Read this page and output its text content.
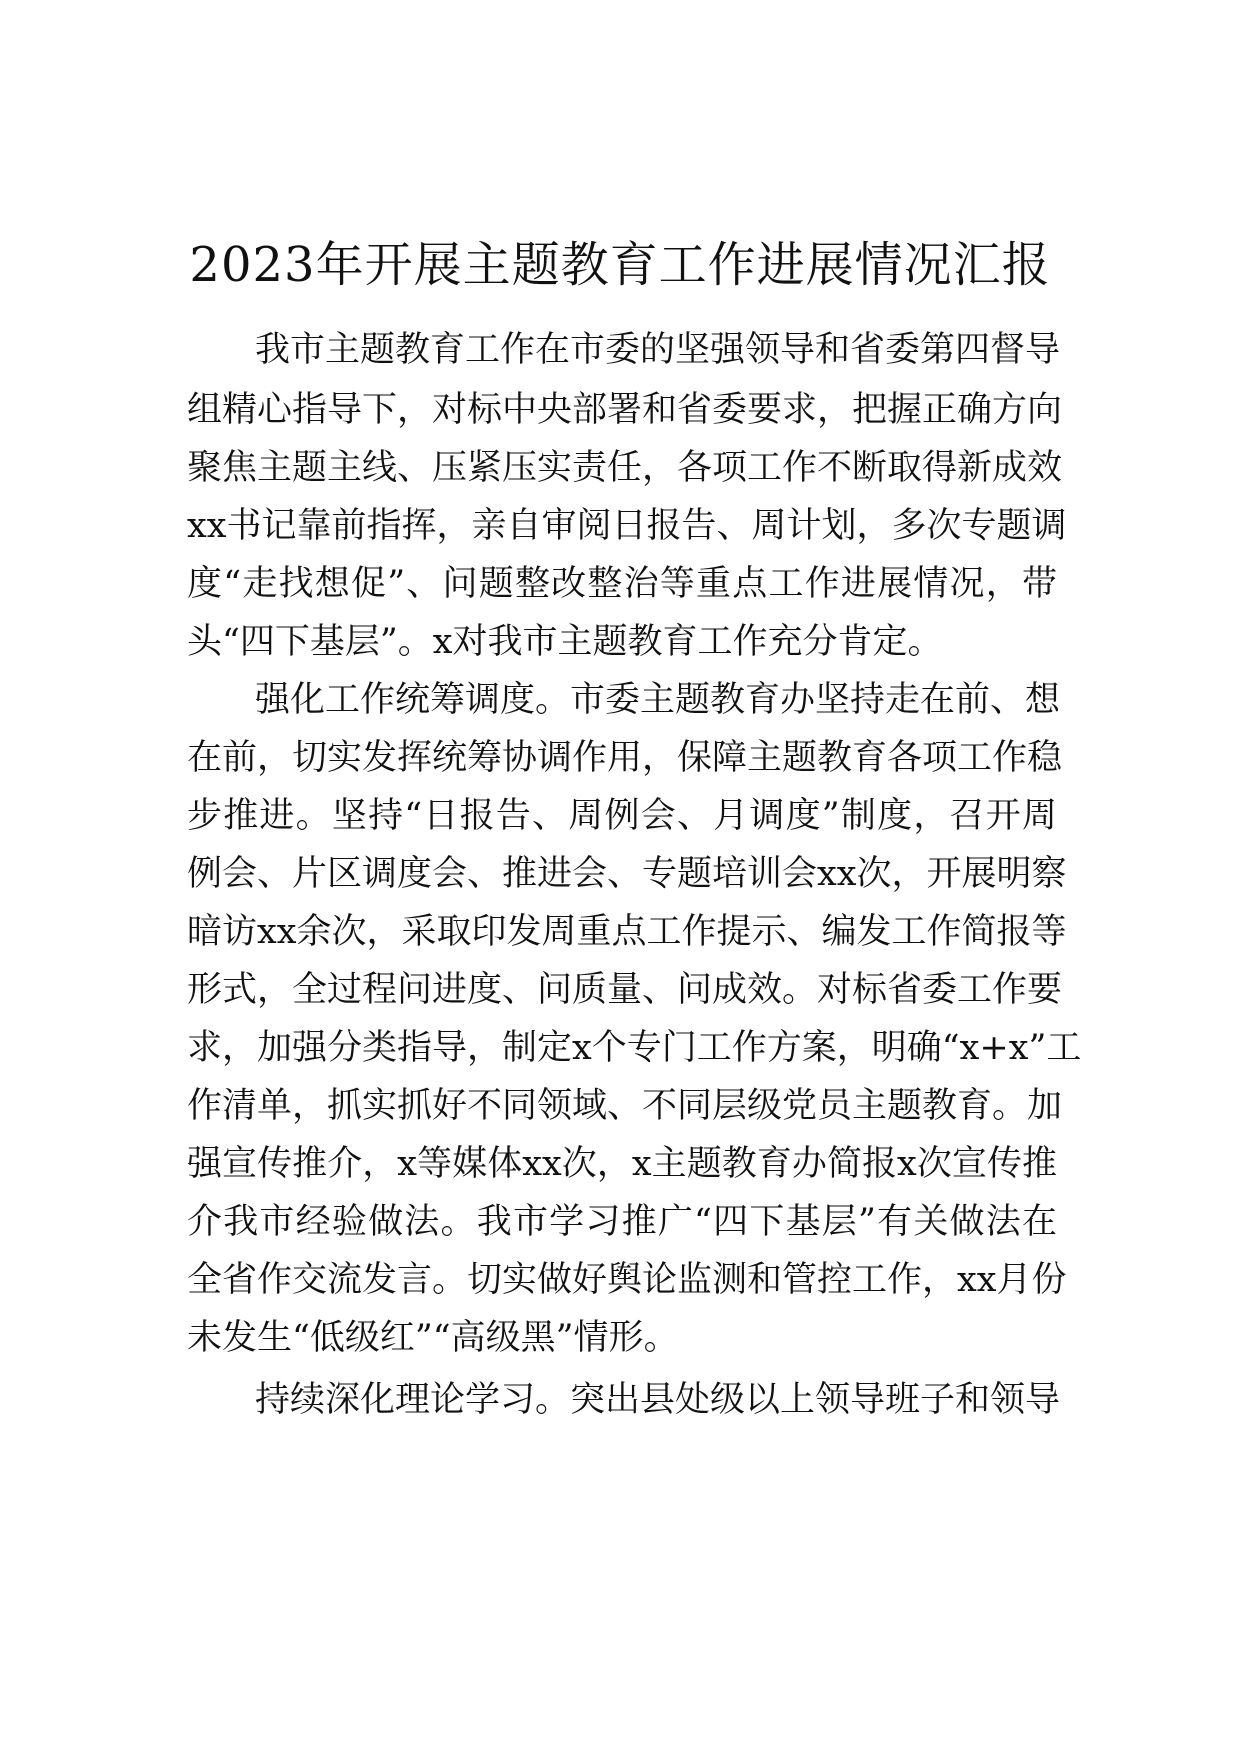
2023年开展主题教育工作进展情况汇报
我市主题教育工作在市委的坚强领导和省委第四督导
组精心指导下，对标中央部署和省委要求，把握正确方向
聚焦主题主线、压紧压实责任，各项工作不断取得新成效
xx书记靠前指挥，亲自审阅日报告、周计划，多次专题调
度“走找想促”、问题整改整治等重点工作进展情况，带
头“四下基层”。x对我市主题教育工作充分肯定。
强化工作统筹调度。市委主题教育办坚持走在前、想
在前，切实发挥统筹协调作用，保障主题教育各项工作稳
步推进。坚持“日报告、周例会、月调度”制度，召开周
例会、片区调度会、推进会、专题培训会xx次，开展明察
暗访xx余次，采取印发周重点工作提示、编发工作简报等
形式，全过程问进度、问质量、问成效。对标省委工作要
求，加强分类指导，制定x个专门工作方案，明确“x+x”工
作清单，抓实抓好不同领域、不同层级党员主题教育。加
强宣传推介，x等媒体xx次，x主题教育办简报x次宣传推
介我市经验做法。我市学习推广“四下基层”有关做法在
全省作交流发言。切实做好舆论监测和管控工作，xx月份
未发生“低级红”“高级黑”情形。
持续深化理论学习。突出县处级以上领导班子和领导
